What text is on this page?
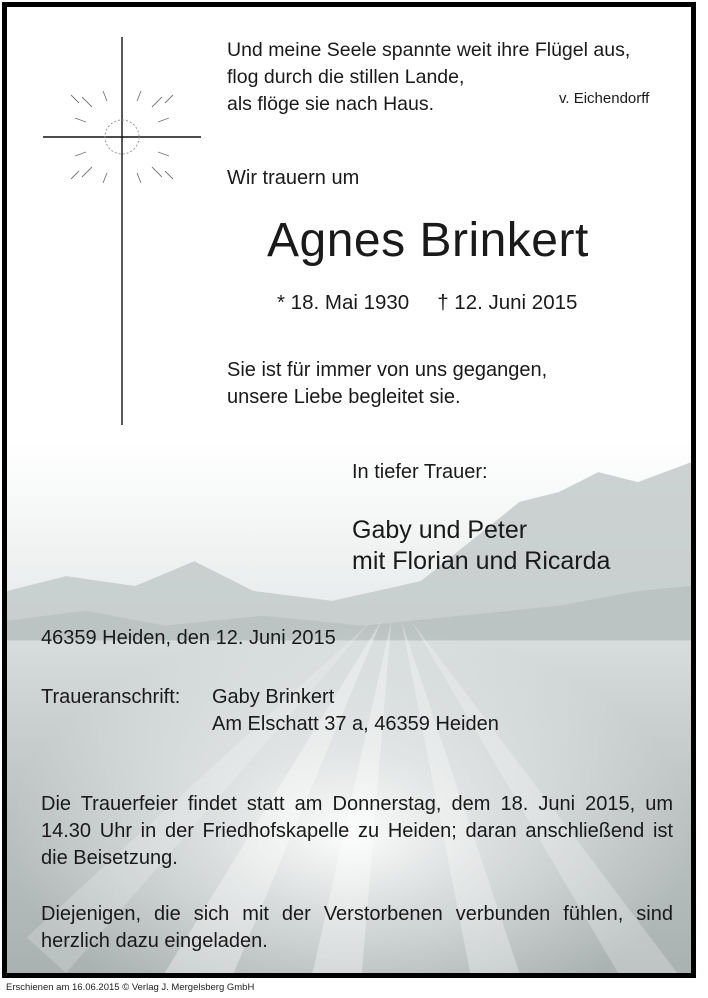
Und meine Seele spannte weit ihre Flügel aus,
flog durch die stillen Lande,
als flöge sie nach Haus.	v. Eichendorff
Wir trauern um
Agnes Brinkert
* 18. Mai 1930 † 12. Juni 2015
Sie ist für immer von uns gegangen,
unsere Liebe begleitet sie.
In tiefer Trauer:
Gaby und Peter
mit Florian und Ricarda
46359 Heiden, den 12. Juni 2015
Traueranschrift: Gaby Brinkert
Am Elschatt 37 a, 46359 Heiden
Die Trauerfeier findet statt am Donnerstag, dem 18. Juni 2015, um 14.30 Uhr in der Friedhofskapelle zu Heiden; daran anschließend ist die Beisetzung.
Diejenigen, die sich mit der Verstorbenen verbunden fühlen, sind herzlich dazu eingeladen.
Erschienen am 16.06.2015 © Verlag J. Mergelsberg GmbH
